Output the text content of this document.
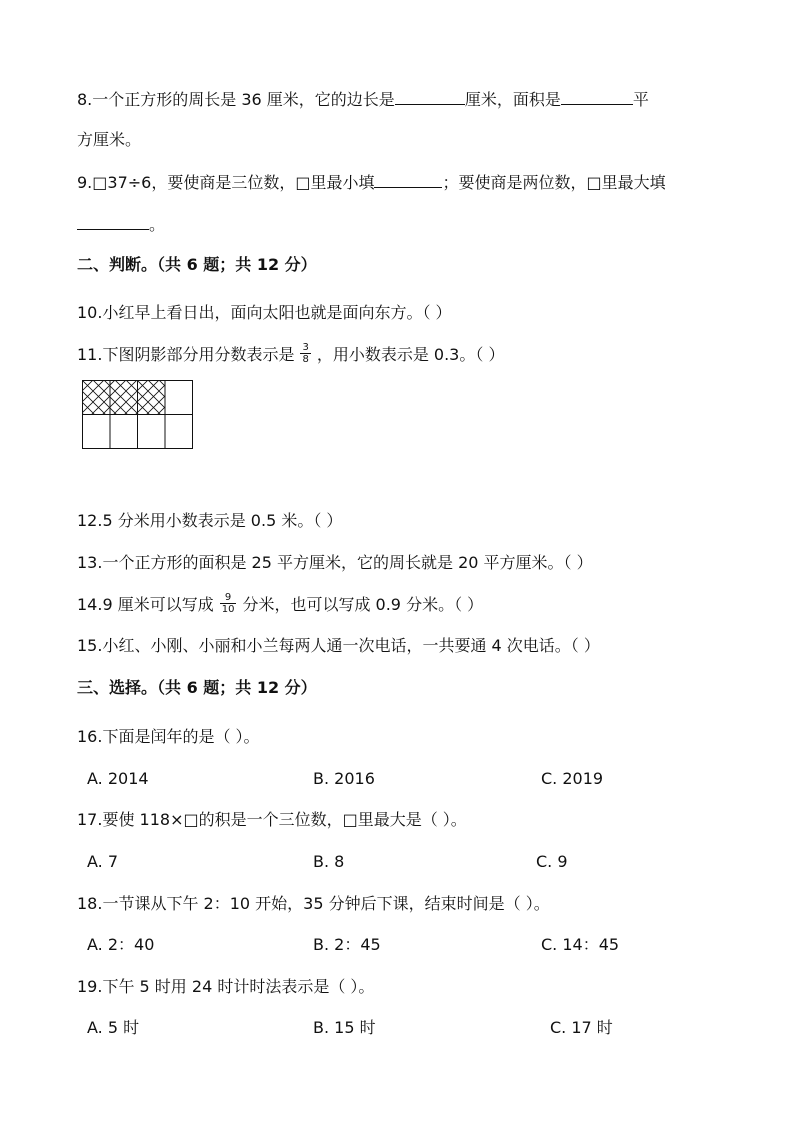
8.一个正方形的周长是 36 厘米，它的边长是	厘米，面积是	平
方厘米。
9.□37÷6，要使商是三位数，□里最小填	；要使商是两位数，□里最大填
。
二、判断。（共 6 题；共 12 分）
10.小红早上看日出，面向太阳也就是面向东方。（ ）
11.下图阴影部分用分数表示是 $\frac{3}{8}$ ，用小数表示是 0.3。（ ）
12.5 分米用小数表示是 0.5 米。（ ）
13.一个正方形的面积是 25 平方厘米，它的周长就是 20 平方厘米。（ ）
14.9 厘米可以写成 $\frac{9}{10}$ 分米，也可以写成 0.9 分米。（ ）
15.小红、小刚、小丽和小兰每两人通一次电话，一共要通 4 次电话。（ ）
三、选择。（共 6 题；共 12 分）
16.下面是闰年的是（ ）。
A. 2014	B. 2016	C. 2019
17.要使 118×□的积是一个三位数，□里最大是（ ）。
A. 7	B. 8	C. 9
18.一节课从下午 2：10 开始，35 分钟后下课，结束时间是（ ）。
A. 2：40	B. 2：45	C. 14：45
19.下午 5 时用 24 时计时法表示是（ ）。
A. 5 时	B. 15 时	C. 17 时
